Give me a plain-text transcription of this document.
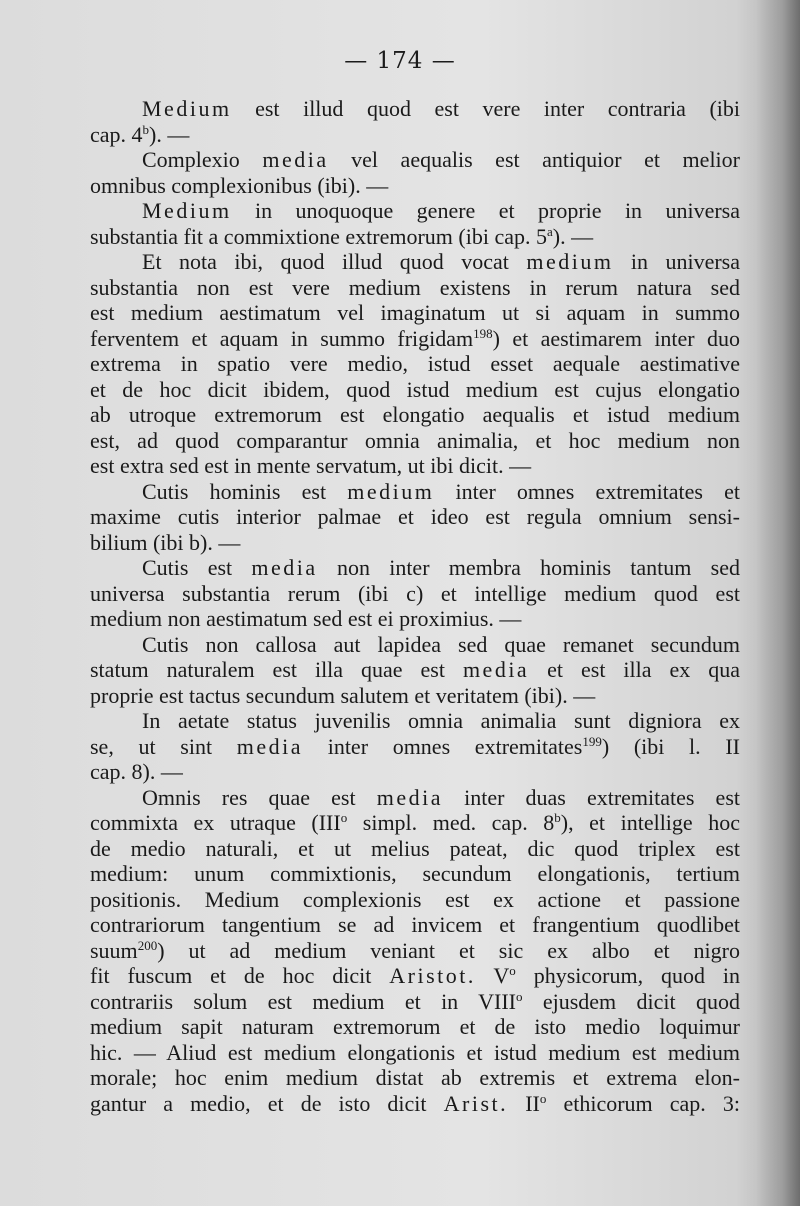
— 174 —
Medium est illud quod est vere inter contraria (ibi
cap. 4$^b$). —
Complexio media vel aequalis est antiquior et melior
omnibus complexionibus (ibi). —
Medium in unoquoque genere et proprie in universa
substantia fit a commixtione extremorum (ibi cap. 5$^a$). —
Et nota ibi, quod illud quod vocat medium in universa
substantia non est vere medium existens in rerum natura sed
est medium aestimatum vel imaginatum ut si aquam in summo
ferventem et aquam in summo frigidam$^{198}$) et aestimarem inter duo
extrema in spatio vere medio, istud esset aequale aestimative
et de hoc dicit ibidem, quod istud medium est cujus elongatio
ab utroque extremorum est elongatio aequalis et istud medium
est, ad quod comparantur omnia animalia, et hoc medium non
est extra sed est in mente servatum, ut ibi dicit. —
Cutis hominis est medium inter omnes extremitates et
maxime cutis interior palmae et ideo est regula omnium sensi-
bilium (ibi b). —
Cutis est media non inter membra hominis tantum sed
universa substantia rerum (ibi c) et intellige medium quod est
medium non aestimatum sed est ei proximius. —
Cutis non callosa aut lapidea sed quae remanet secundum
statum naturalem est illa quae est media et est illa ex qua
proprie est tactus secundum salutem et veritatem (ibi). —
In aetate status juvenilis omnia animalia sunt digniora ex
se, ut sint media inter omnes extremitates$^{199}$) (ibi l. II
cap. 8). —
Omnis res quae est media inter duas extremitates est
commixta ex utraque (III$^o$ simpl. med. cap. 8$^b$), et intellige hoc
de medio naturali, et ut melius pateat, dic quod triplex est
medium: unum commixtionis, secundum elongationis, tertium
positionis. Medium complexionis est ex actione et passione
contrariorum tangentium se ad invicem et frangentium quodlibet
suum$^{200}$) ut ad medium veniant et sic ex albo et nigro
fit fuscum et de hoc dicit Aristot. $V^o$ physicorum, quod in
contrariis solum est medium et in VIII$^o$ ejusdem dicit quod
medium sapit naturam extremorum et de isto medio loquimur
hic. — Aliud est medium elongationis et istud medium est medium
morale; hoc enim medium distat ab extremis et extrema elon-
gantur a medio, et de isto dicit Arist. $II^o$ ethicorum cap. 3:
